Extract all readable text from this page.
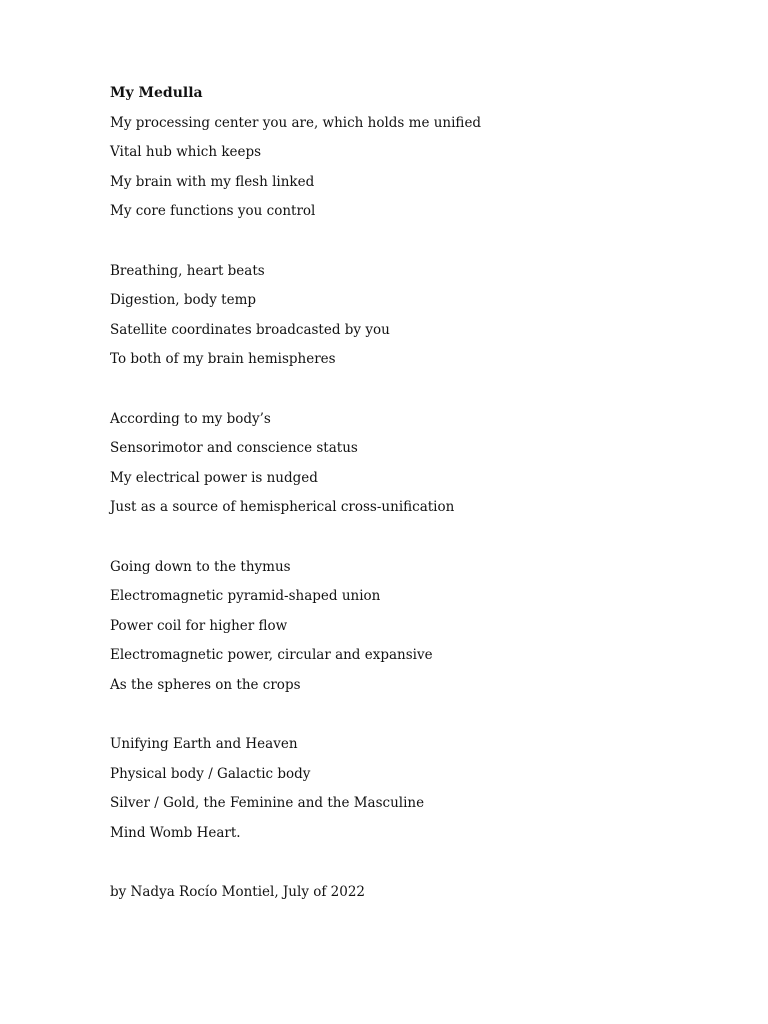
My Medulla
My processing center you are, which holds me unified
Vital hub which keeps
My brain with my flesh linked
My core functions you control
Breathing, heart beats
Digestion, body temp
Satellite coordinates broadcasted by you
To both of my brain hemispheres
According to my body’s
Sensorimotor and conscience status
My electrical power is nudged
Just as a source of hemispherical cross-unification
Going down to the thymus
Electromagnetic pyramid-shaped union
Power coil for higher flow
Electromagnetic power, circular and expansive
As the spheres on the crops
Unifying Earth and Heaven
Physical body / Galactic body
Silver / Gold, the Feminine and the Masculine
Mind Womb Heart.
by Nadya Rocío Montiel, July of 2022
